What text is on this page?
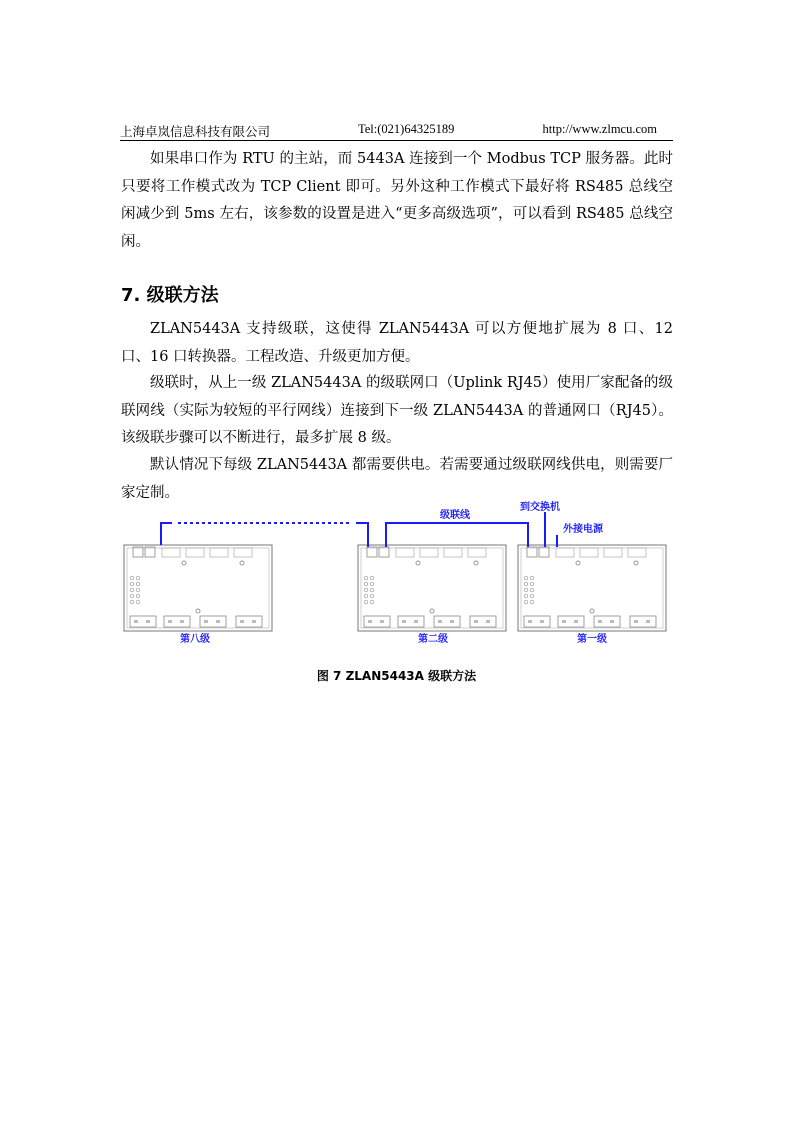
上海卓岚信息科技有限公司	Tel:(021)64325189	http://www.zlmcu.com

如果串口作为 RTU 的主站，而 5443A 连接到一个 Modbus TCP 服务器。此时只要将工作模式改为 TCP Client 即可。另外这种工作模式下最好将 RS485 总线空闲减少到 5ms 左右，该参数的设置是进入“更多高级选项”，可以看到 RS485 总线空闲。

7. 级联方法

ZLAN5443A 支持级联，这使得 ZLAN5443A 可以方便地扩展为 8 口、12 口、16 口转换器。工程改造、升级更加方便。

级联时，从上一级 ZLAN5443A 的级联网口（Uplink RJ45）使用厂家配备的级联网线（实际为较短的平行网线）连接到下一级 ZLAN5443A 的普通网口（RJ45）。该级联步骤可以不断进行，最多扩展 8 级。

默认情况下每级 ZLAN5443A 都需要供电。若需要通过级联网线供电，则需要厂家定制。

级联线
到交换机
外接电源
第八级	第二级	第一级
图 7 ZLAN5443A 级联方法
